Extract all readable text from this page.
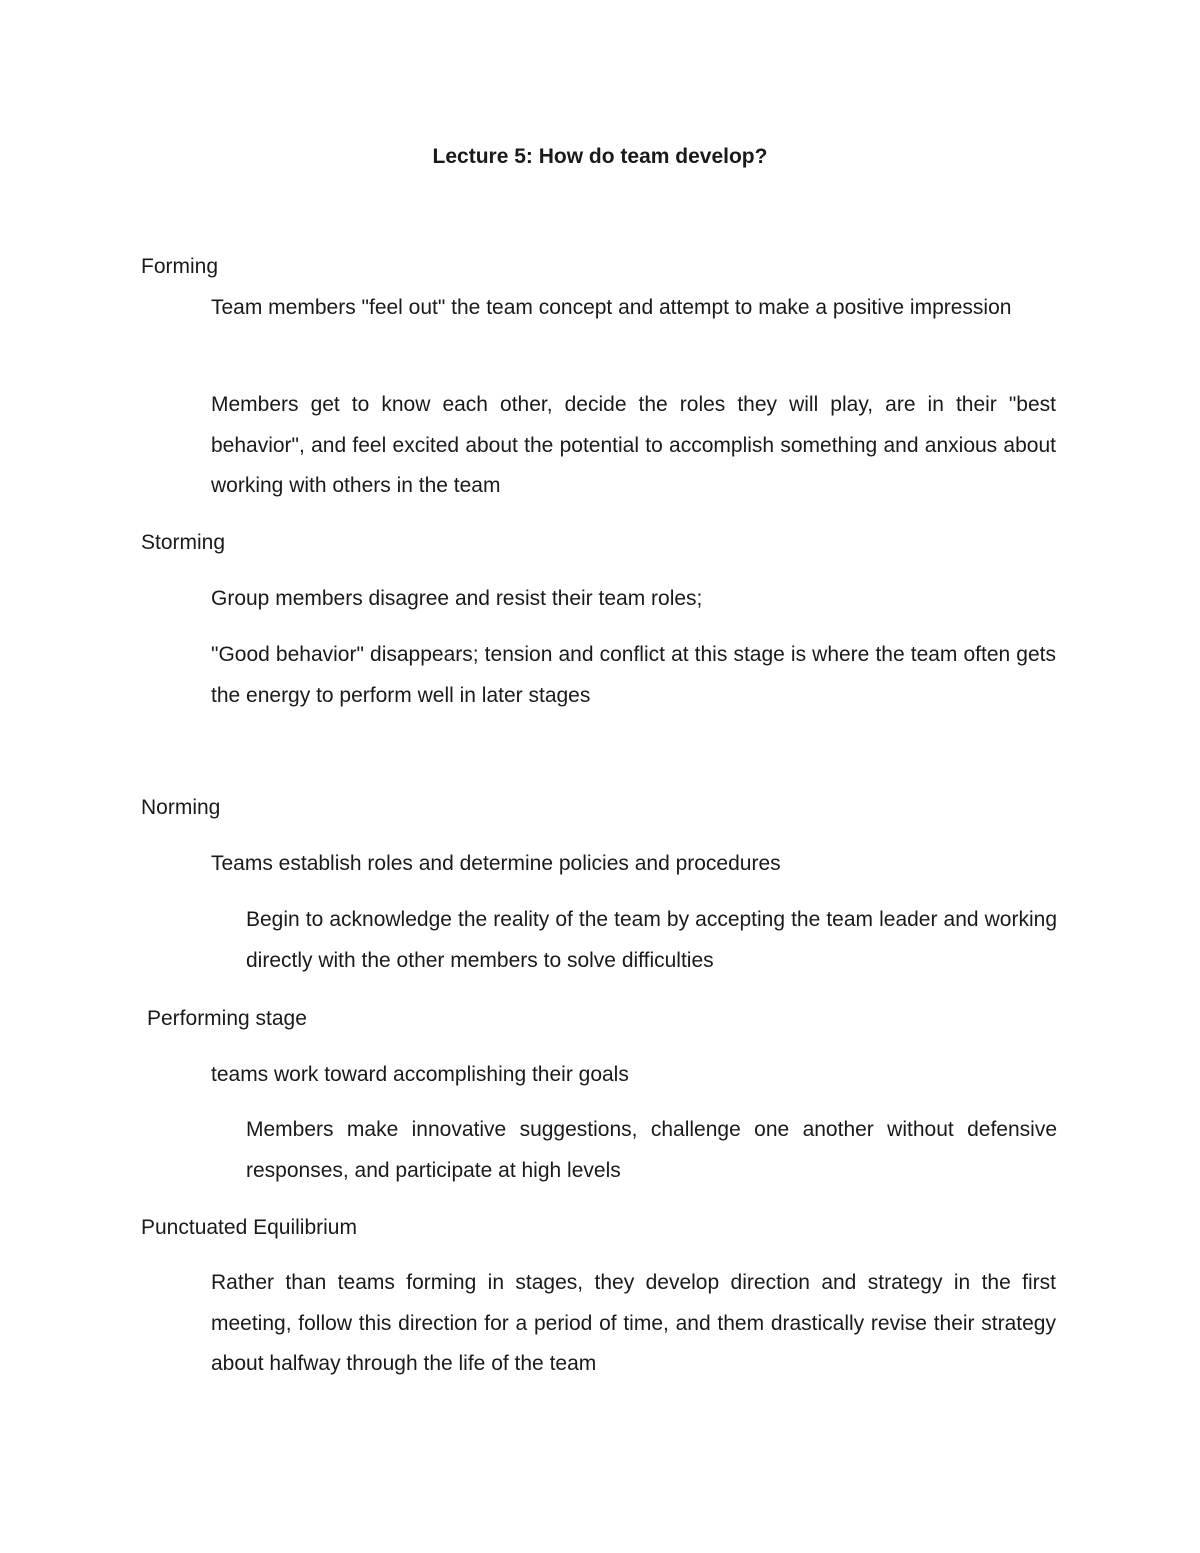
Lecture 5: How do team develop?

Forming

Team members "feel out" the team concept and attempt to make a positive impression

Members get to know each other, decide the roles they will play, are in their "best behavior", and feel excited about the potential to accomplish something and anxious about working with others in the team

Storming

Group members disagree and resist their team roles;

"Good behavior" disappears; tension and conflict at this stage is where the team often gets the energy to perform well in later stages

Norming

Teams establish roles and determine policies and procedures

Begin to acknowledge the reality of the team by accepting the team leader and working directly with the other members to solve difficulties

Performing stage

teams work toward accomplishing their goals

Members make innovative suggestions, challenge one another without defensive responses, and participate at high levels

Punctuated Equilibrium

Rather than teams forming in stages, they develop direction and strategy in the first meeting, follow this direction for a period of time, and them drastically revise their strategy about halfway through the life of the team
